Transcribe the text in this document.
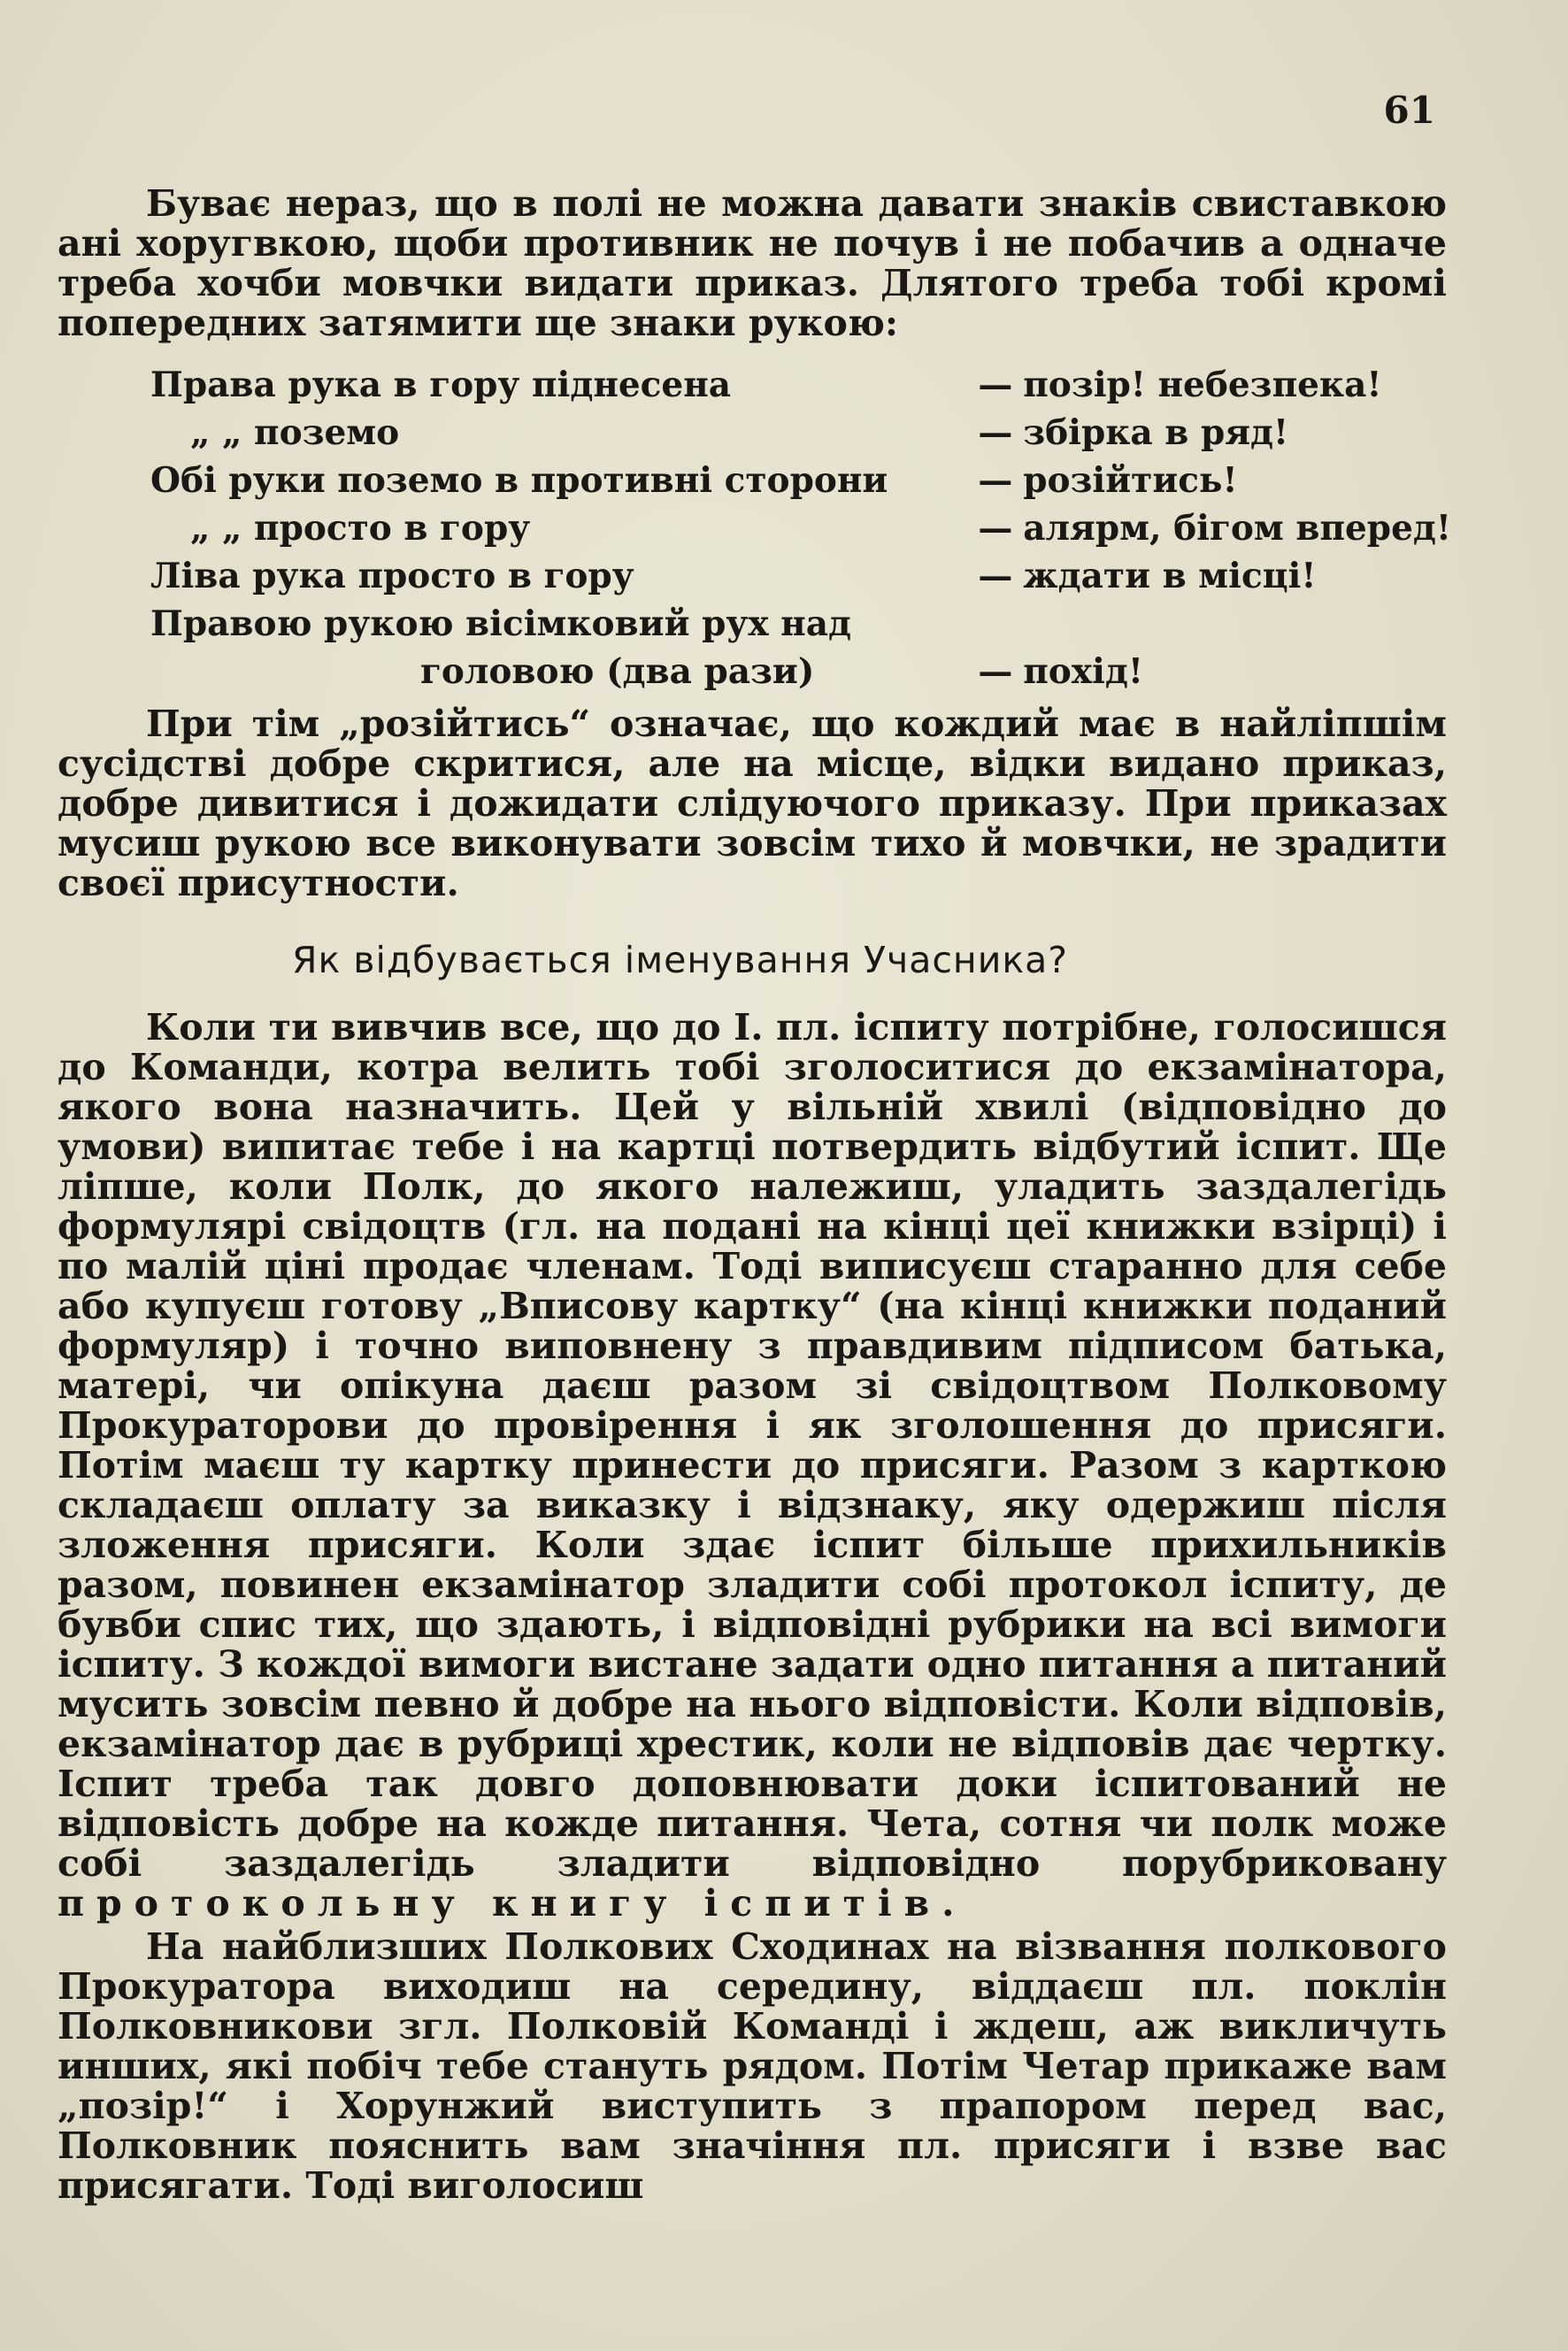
61

Буває нераз, що в полі не можна давати знаків свиставкою ані хоругвкою, щоби противник не почув і не побачив а одначе треба хочби мовчки видати приказ. Длятого треба тобі кромі попередних затямити ще знаки рукою:

Права рука в гору піднесена	—	позір! небезпека!
„ „ поземо	—	збірка в ряд!
Обі руки поземо в противні сторони	—	розійтись!
„ „ просто в гору	—	алярм, бігом вперед!
Ліва рука просто в гору	—	ждати в місці!
Правою рукою вісімковий рух над		
головою (два рази)	—	похід!

При тім „розійтись“ означає, що кождий має в найліпшім сусідстві добре скритися, але на місце, відки видано приказ, добре дивитися і дожидати слідуючого приказу. При приказах мусиш рукою все виконувати зовсім тихо й мовчки, не зрадити своєї присутности.

Як відбувається іменування Учасника?

Коли ти вивчив все, що до І. пл. іспиту потрібне, голосишся до Команди, котра велить тобі зголоситися до екзамінатора, якого вона назначить. Цей у вільній хвилі (відповідно до умови) випитає тебе і на картці потвердить відбутий іспит. Ще ліпше, коли Полк, до якого належиш, уладить заздалегідь формулярі свідоцтв (гл. на подані на кінці цеї книжки взірці) і по малій ціні продає членам. Тоді виписуєш старанно для себе або купуєш готову „Вписову картку“ (на кінці книжки поданий формуляр) і точно виповнену з правдивим підписом батька, матері, чи опікуна даєш разом зі свідоцтвом Полковому Прокураторови до провірення і як зголошення до присяги. Потім маєш ту картку принести до присяги. Разом з карткою складаєш оплату за виказку і відзнаку, яку одержиш після зложення присяги. Коли здає іспит більше прихильників разом, повинен екзамінатор зладити собі протокол іспиту, де бувби спис тих, що здають, і відповідні рубрики на всі вимоги іспиту. З кождої вимоги вистане задати одно питання а питаний мусить зовсім певно й добре на нього відповісти. Коли відповів, екзамінатор дає в рубриці хрестик, коли не відповів дає чертку. Іспит треба так довго доповнювати доки іспитований не відповість добре на кожде питання. Чета, сотня чи полк може собі заздалегідь зладити відповідно порубриковану протокольну книгу іспитів.

На найблизших Полкових Сходинах на візвання полкового Прокуратора виходиш на середину, віддаєш пл. поклін Полковникови згл. Полковій Команді і ждеш, аж викличуть инших, які побіч тебе стануть рядом. Потім Четар прикаже вам „позір!“ і Хорунжий виступить з прапором перед вас, Полковник пояснить вам значіння пл. присяги і взве вас присягати. Тоді виголосиш
